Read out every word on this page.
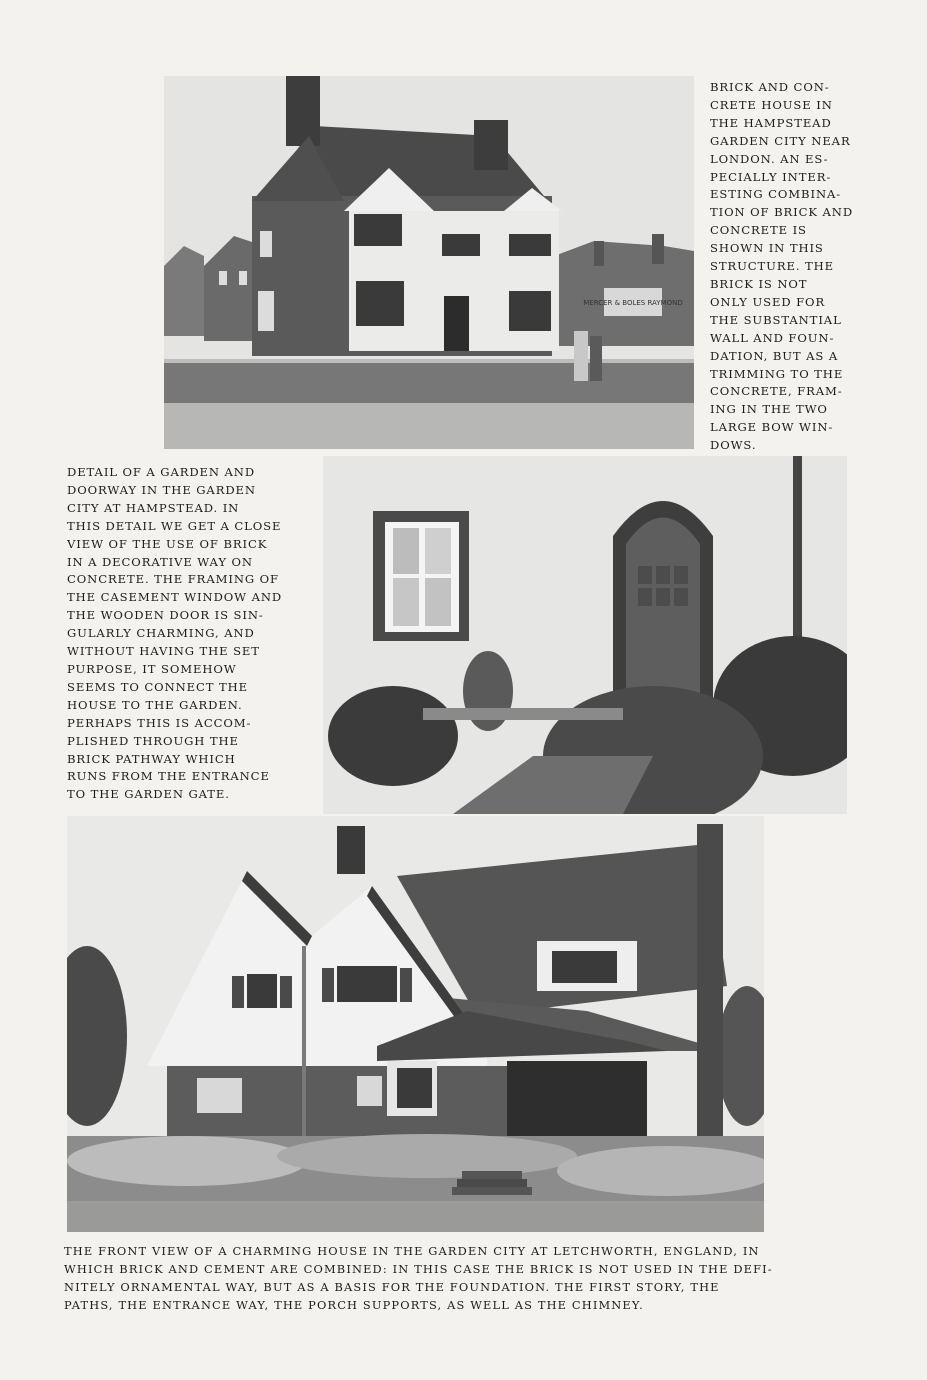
MERCER & BOLES RAYMOND

BRICK AND CON-
CRETE HOUSE IN
THE HAMPSTEAD
GARDEN CITY NEAR
LONDON. AN ES-
PECIALLY INTER-
ESTING COMBINA-
TION OF BRICK AND
CONCRETE IS
SHOWN IN THIS
STRUCTURE. THE
BRICK IS NOT
ONLY USED FOR
THE SUBSTANTIAL
WALL AND FOUN-
DATION, BUT AS A
TRIMMING TO THE
CONCRETE, FRAM-
ING IN THE TWO
LARGE BOW WIN-
DOWS.

DETAIL OF A GARDEN AND
DOORWAY IN THE GARDEN
CITY AT HAMPSTEAD. IN
THIS DETAIL WE GET A CLOSE
VIEW OF THE USE OF BRICK
IN A DECORATIVE WAY ON
CONCRETE. THE FRAMING OF
THE CASEMENT WINDOW AND
THE WOODEN DOOR IS SIN-
GULARLY CHARMING, AND
WITHOUT HAVING THE SET
PURPOSE, IT SOMEHOW
SEEMS TO CONNECT THE
HOUSE TO THE GARDEN.
PERHAPS THIS IS ACCOM-
PLISHED THROUGH THE
BRICK PATHWAY WHICH
RUNS FROM THE ENTRANCE
TO THE GARDEN GATE.

THE FRONT VIEW OF A CHARMING HOUSE IN THE GARDEN CITY AT LETCHWORTH, ENGLAND, IN
WHICH BRICK AND CEMENT ARE COMBINED: IN THIS CASE THE BRICK IS NOT USED IN THE DEFI-
NITELY ORNAMENTAL WAY, BUT AS A BASIS FOR THE FOUNDATION. THE FIRST STORY, THE
PATHS, THE ENTRANCE WAY, THE PORCH SUPPORTS, AS WELL AS THE CHIMNEY.
